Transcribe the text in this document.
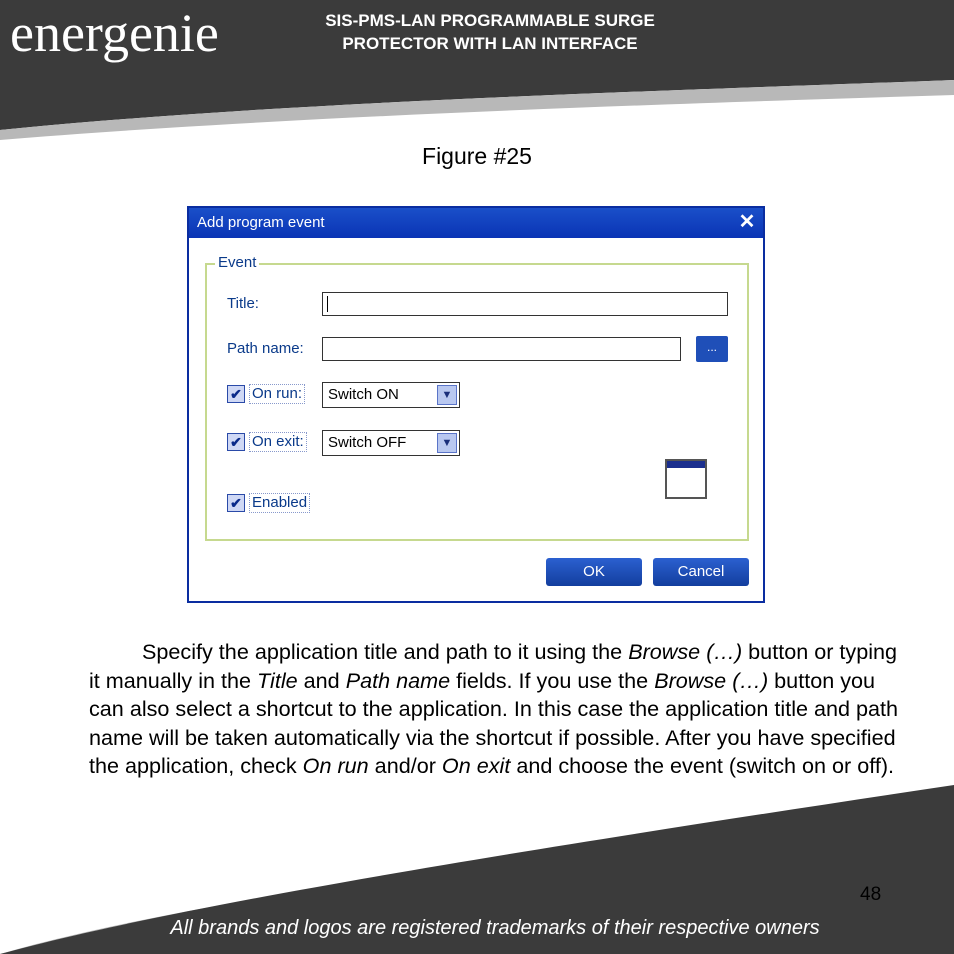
energenie	SIS-PMS-LAN PROGRAMMABLE SURGE
PROTECTOR WITH LAN INTERFACE
Figure #25
Add program event	✕
Event
Title:
Path name:	...
✔ On run: Switch ON	▼
✔ On exit: Switch OFF	▼
✔ Enabled
OK	Cancel

Specify the application title and path to it using the Browse (…) button or typing it manually in the Title and Path name fields. If you use the Browse (…) button you can also select a shortcut to the application. In this case the application title and path name will be taken automatically via the shortcut if possible. After you have specified the application, check On run and/or On exit and choose the event (switch on or off).

48
All brands and logos are registered trademarks of their respective owners
